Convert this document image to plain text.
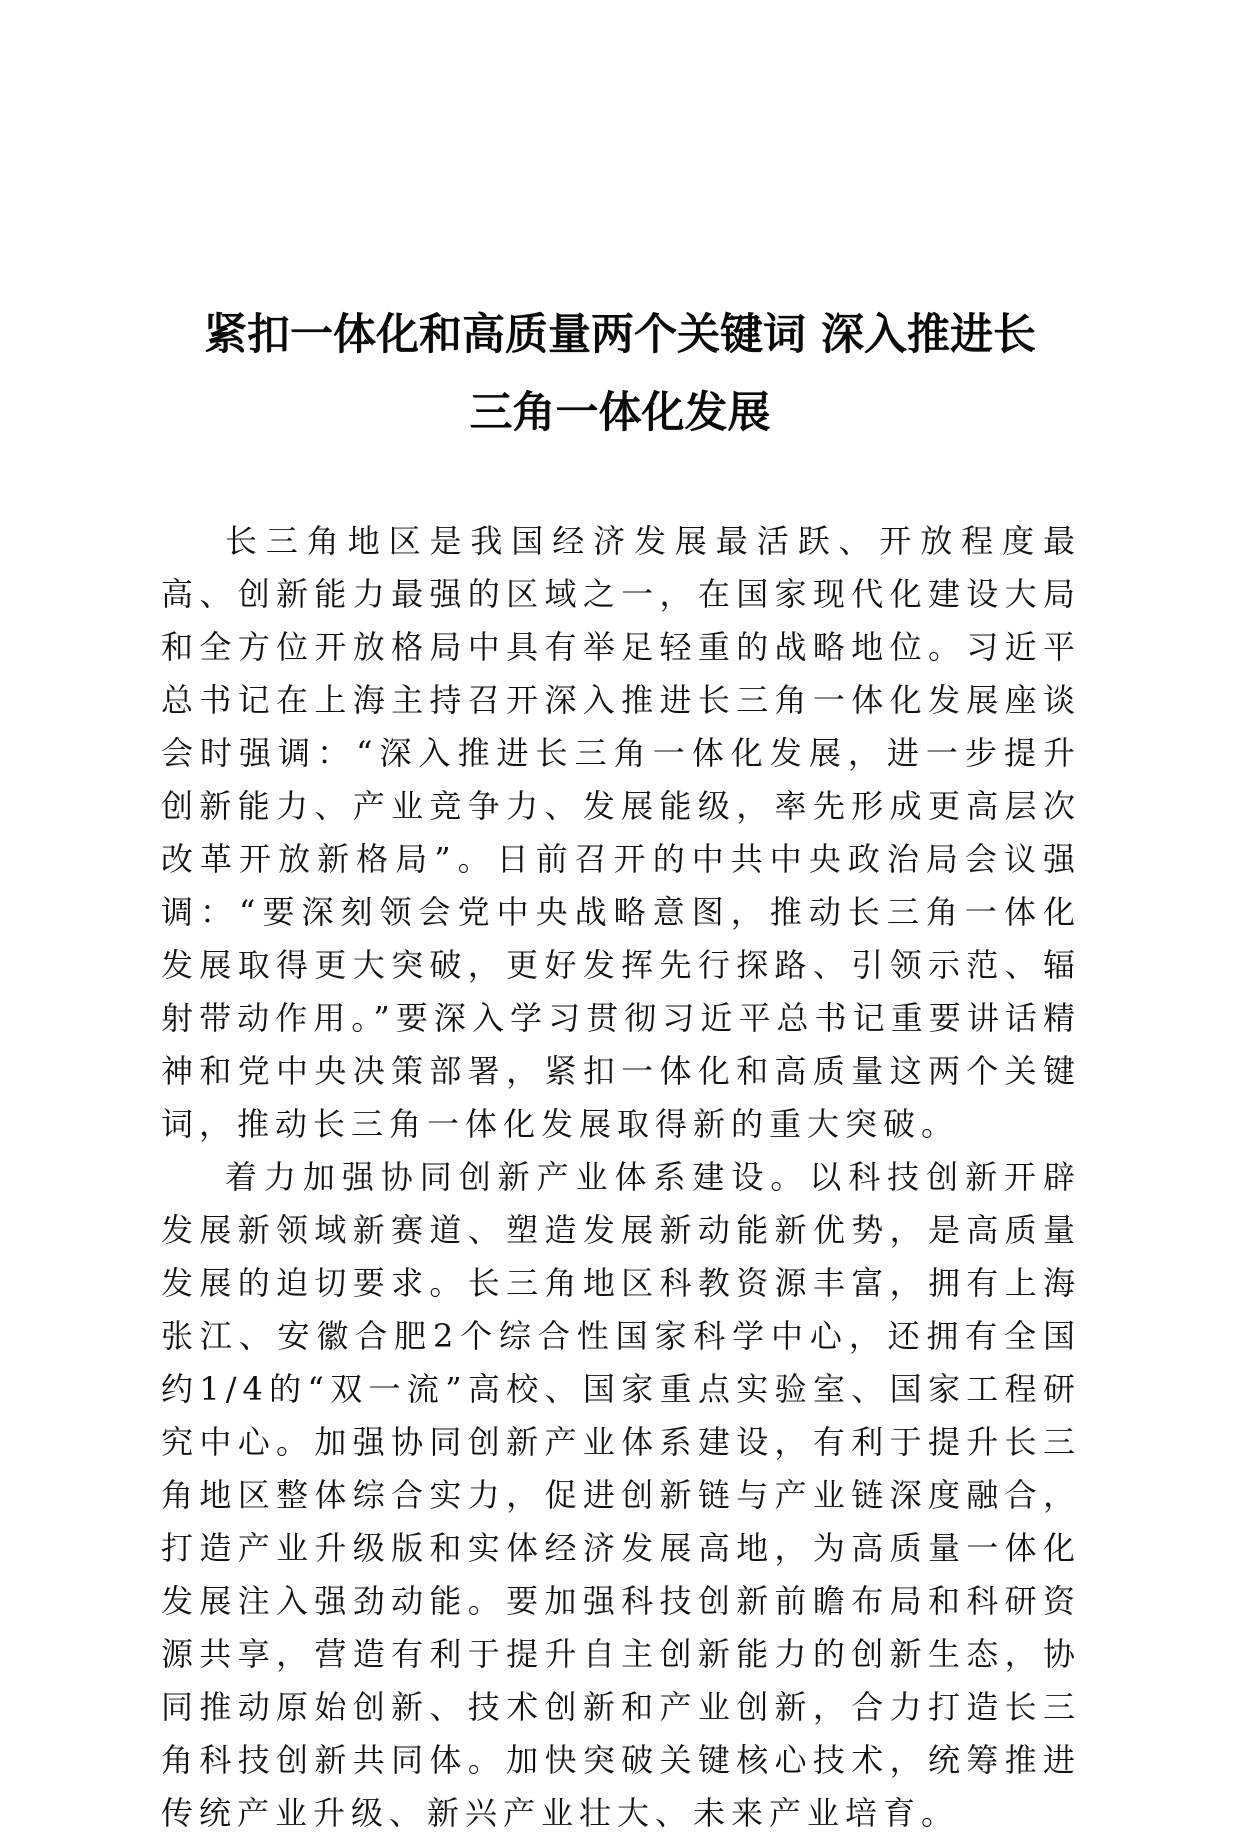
紧扣一体化和高质量两个关键词 深入推进长
三角一体化发展

长三角地区是我国经济发展最活跃、开放程度最高、创新能力最强的区域之一，在国家现代化建设大局和全方位开放格局中具有举足轻重的战略地位。习近平总书记在上海主持召开深入推进长三角一体化发展座谈会时强调：“深入推进长三角一体化发展，进一步提升创新能力、产业竞争力、发展能级，率先形成更高层次改革开放新格局”。日前召开的中共中央政治局会议强调：“要深刻领会党中央战略意图，推动长三角一体化发展取得更大突破，更好发挥先行探路、引领示范、辐射带动作用。”要深入学习贯彻习近平总书记重要讲话精神和党中央决策部署，紧扣一体化和高质量这两个关键词，推动长三角一体化发展取得新的重大突破。

着力加强协同创新产业体系建设。以科技创新开辟发展新领域新赛道、塑造发展新动能新优势，是高质量发展的迫切要求。长三角地区科教资源丰富，拥有上海张江、安徽合肥2个综合性国家科学中心，还拥有全国约1/4的“双一流”高校、国家重点实验室、国家工程研究中心。加强协同创新产业体系建设，有利于提升长三角地区整体综合实力，促进创新链与产业链深度融合，打造产业升级版和实体经济发展高地，为高质量一体化发展注入强劲动能。要加强科技创新前瞻布局和科研资源共享，营造有利于提升自主创新能力的创新生态，协同推动原始创新、技术创新和产业创新，合力打造长三角科技创新共同体。加快突破关键核心技术，统筹推进传统产业升级、新兴产业壮大、未来产业培育。
